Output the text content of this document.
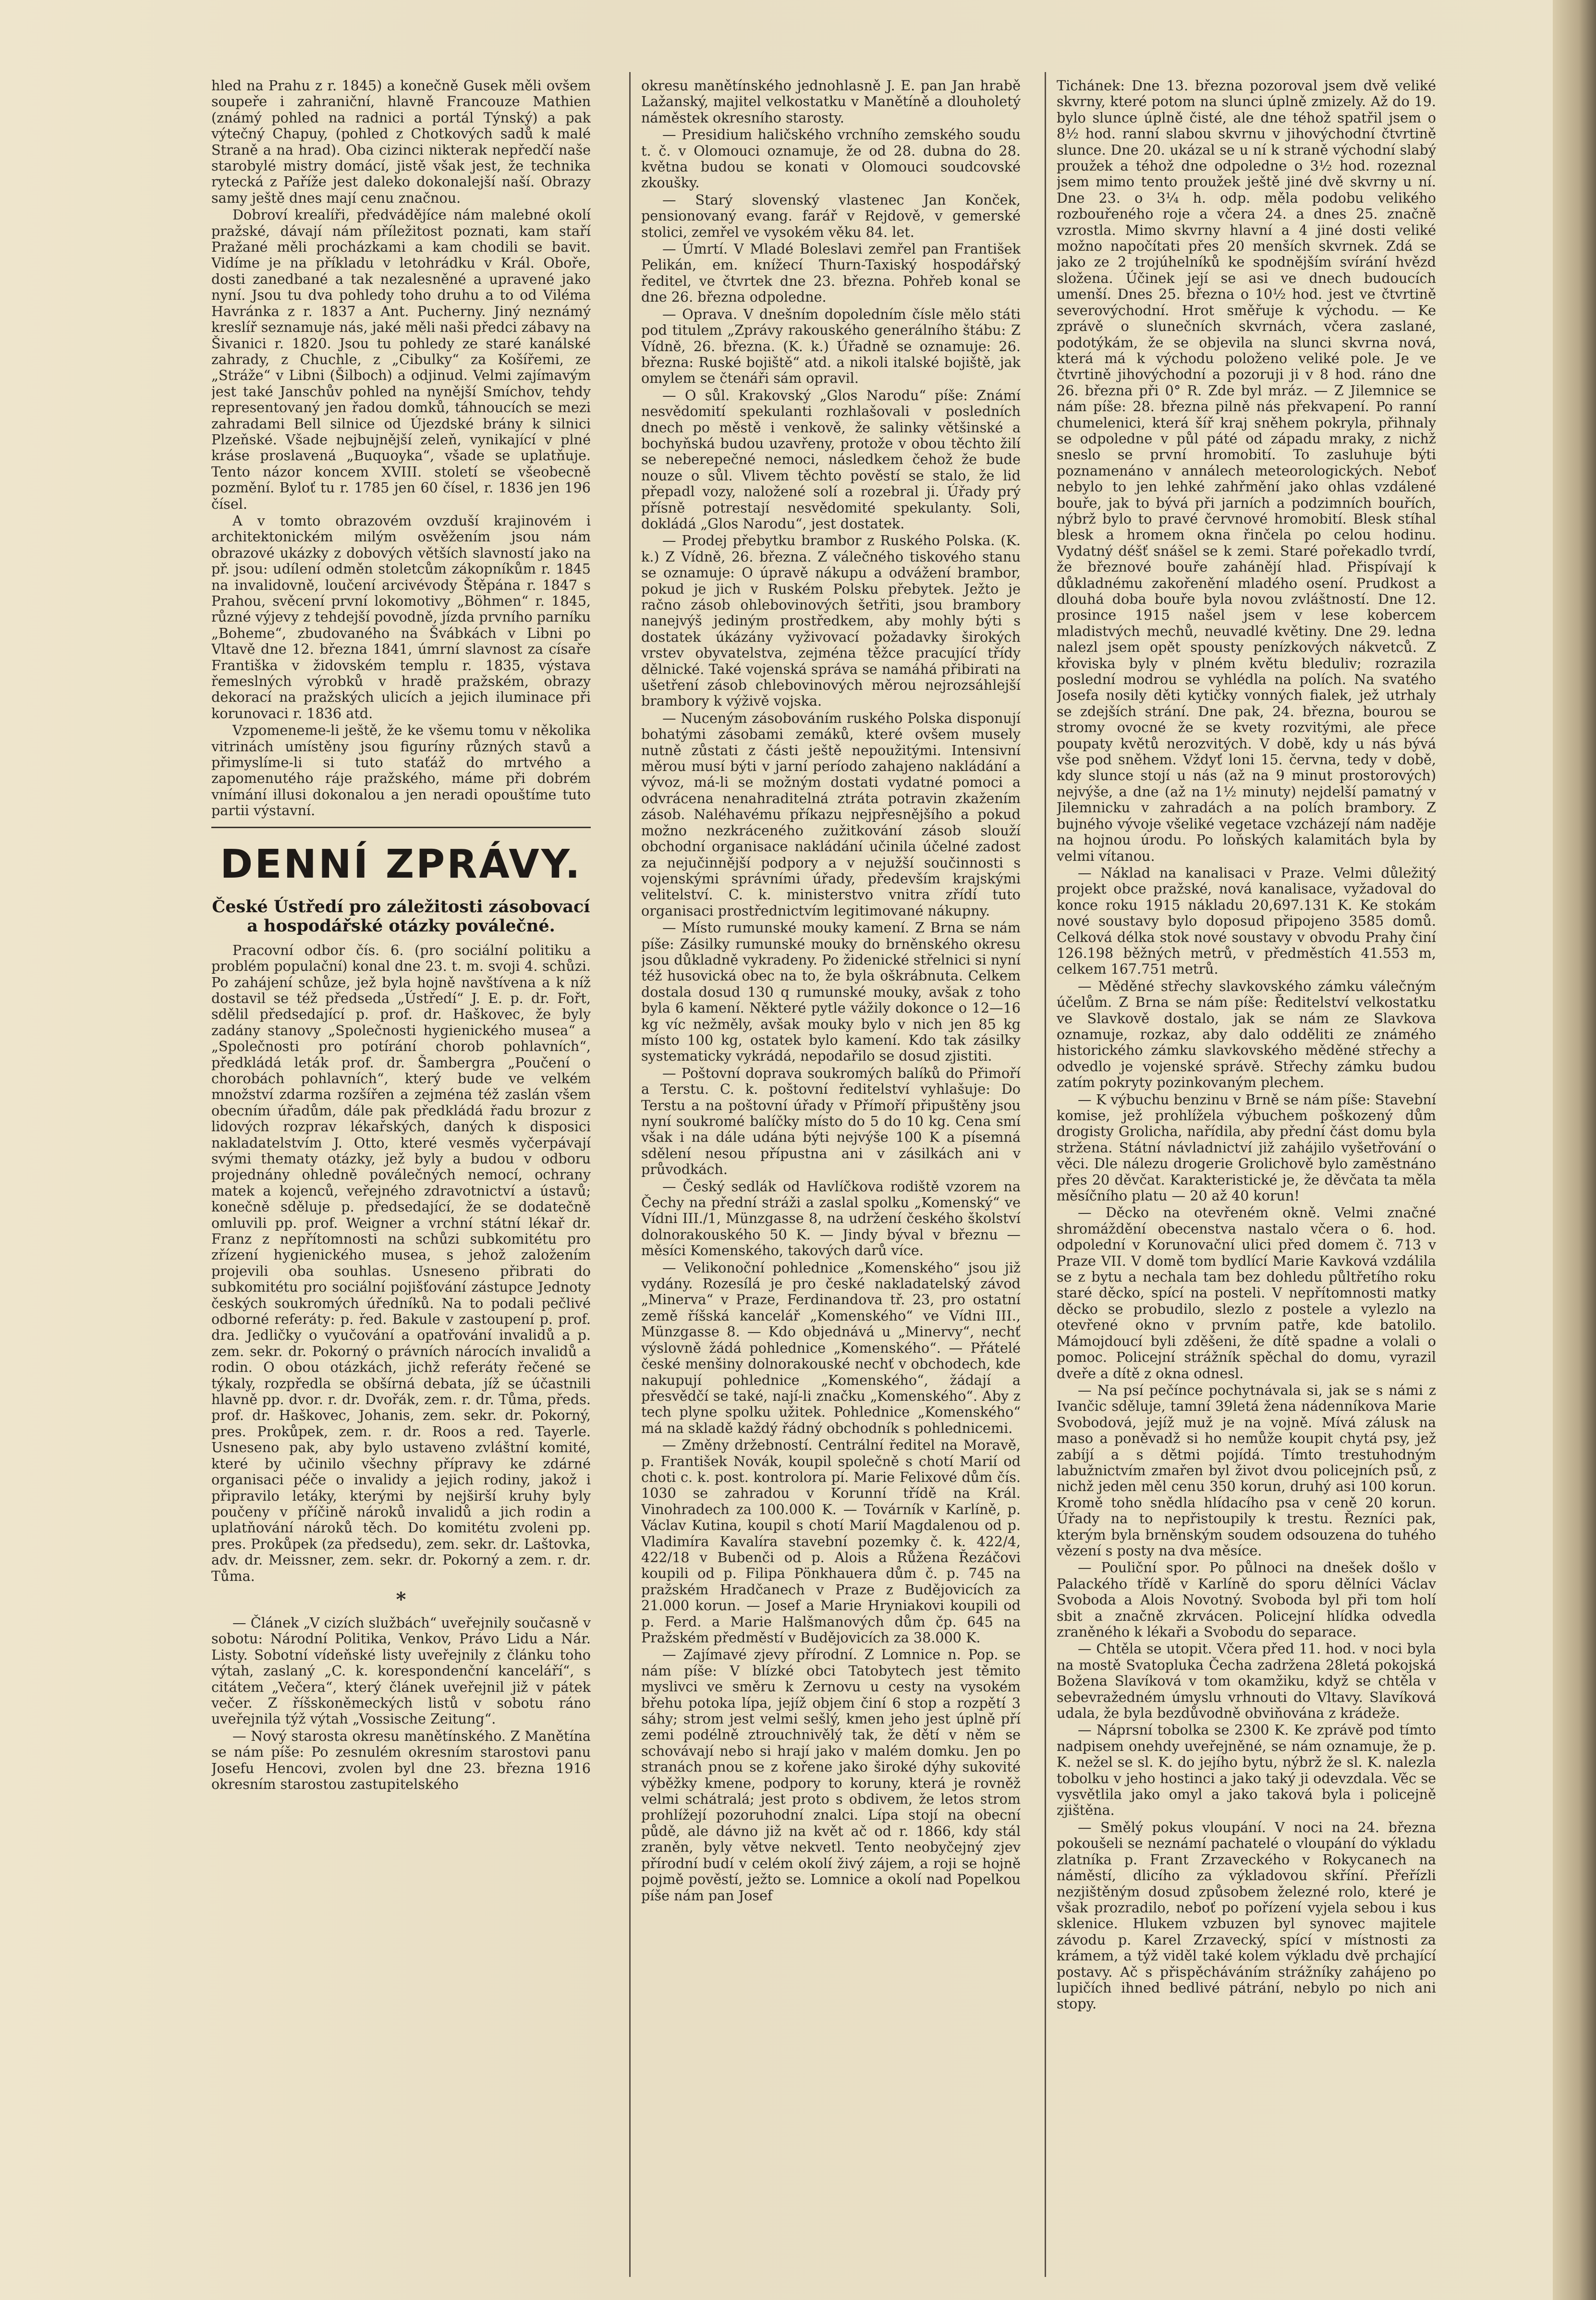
hled na Prahu z r. 1845) a konečně Gusek měli ovšem soupeře i zahraniční, hlavně Francouze Mathien (známý pohled na radnici a portál Týnský) a pak výtečný Chapuy, (pohled z Chotkových sadů k malé Straně a na hrad). Oba cizinci nikterak nepředčí naše starobylé mistry domácí, jistě však jest, že technika rytecká z Paříže jest daleko dokonalejší naší. Obrazy samy ještě dnes mají cenu značnou.

Dobroví krealíři, předvádějíce nám malebné okolí pražské, dávají nám příležitost poznati, kam staří Pražané měli procházkami a kam chodili se bavit. Vidíme je na příkladu v letohrádku v Král. Oboře, dosti zanedbané a tak nezalesněné a upravené jako nyní. Jsou tu dva pohledy toho druhu a to od Viléma Havránka z r. 1837 a Ant. Pucherny. Jiný neznámý kreslíř seznamuje nás, jaké měli naši předci zábavy na Šivanici r. 1820. Jsou tu pohledy ze staré kanálské zahrady, z Chuchle, z „Cibulky“ za Košířemi, ze „Stráže“ v Libni (Šilboch) a odjinud. Velmi zajímavým jest také Janschův pohled na nynější Smíchov, tehdy representovaný jen řadou domků, táhnoucích se mezi zahradami Bell silnice od Újezdské brány k silnici Plzeňské. Všade nejbujnější zeleň, vynikající v plné kráse proslavená „Buquoyka“, všade se uplatňuje. Tento názor koncem XVIII. století se všeobecně pozmění. Byloť tu r. 1785 jen 60 čísel, r. 1836 jen 196 čísel.

A v tomto obrazovém ovzduší krajinovém i architektonickém milým osvěžením jsou nám obrazové ukázky z dobových větších slavností jako na př. jsou: udílení odměn stoletcům zákopníkům r. 1845 na invalidovně, loučení arcivévody Štěpána r. 1847 s Prahou, svěcení první lokomotivy „Böhmen“ r. 1845, různé výjevy z tehdejší povodně, jízda prvního parníku „Boheme“, zbudovaného na Švábkách v Libni po Vltavě dne 12. března 1841, úmrní slavnost za císaře Františka v židovském templu r. 1835, výstava řemeslných výrobků v hradě pražském, obrazy dekorací na pražských ulicích a jejich iluminace při korunovaci r. 1836 atd.

Vzpomeneme-li ještě, že ke všemu tomu v několika vitrinách umístěny jsou figuríny různých stavů a přimyslíme-li si tuto staťáž do mrtvého a zapomenutého ráje pražského, máme při dobrém vnímání illusi dokonalou a jen neradi opouštíme tuto partii výstavní.

DENNÍ ZPRÁVY.
České Ústředí pro záležitosti zásobovací a hospodářské otázky poválečné.

Pracovní odbor čís. 6. (pro sociální politiku a problém populační) konal dne 23. t. m. svoji 4. schůzi. Po zahájení schůze, jež byla hojně navštívena a k níž dostavil se též předseda „Ústředí“ J. E. p. dr. Fořt, sdělil předsedající p. prof. dr. Haškovec, že byly zadány stanovy „Společnosti hygienického musea“ a „Společnosti pro potírání chorob pohlavních“, předkládá leták prof. dr. Šambergra „Poučení o chorobách pohlavních“, který bude ve velkém množství zdarma rozšířen a zejména též zaslán všem obecním úřadům, dále pak předkládá řadu brozur z lidových rozprav lékařských, daných k disposici nakladatelstvím J. Otto, které vesměs vyčerpávají svými thematy otázky, jež byly a budou v odboru projednány ohledně poválečných nemocí, ochrany matek a kojenců, veřejného zdravotnictví a ústavů; konečně sděluje p. předsedající, že se dodatečně omluvili pp. prof. Weigner a vrchní státní lékař dr. Franz z nepřítomnosti na schůzi subkomitétu pro zřízení hygienického musea, s jehož založením projevili oba souhlas. Usneseno přibrati do subkomitétu pro sociální pojišťování zástupce Jednoty českých soukromých úředníků. Na to podali pečlivé odborné referáty: p. řed. Bakule v zastoupení p. prof. dra. Jedličky o vyučování a opatřování invalidů a p. zem. sekr. dr. Pokorný o právních nárocích invalidů a rodin. O obou otázkách, jichž referáty řečené se týkaly, rozpředla se obšírná debata, jíž se účastnili hlavně pp. dvor. r. dr. Dvořák, zem. r. dr. Tůma, předs. prof. dr. Haškovec, Johanis, zem. sekr. dr. Pokorný, pres. Prokůpek, zem. r. dr. Roos a red. Tayerle. Usneseno pak, aby bylo ustaveno zvláštní komité, které by učinilo všechny přípravy ke zdárné organisaci péče o invalidy a jejich rodiny, jakož i připravilo letáky, kterými by nejširší kruhy byly poučeny v příčině nároků invalidů a jich rodin a uplatňování nároků těch. Do komitétu zvoleni pp. pres. Prokůpek (za předsedu), zem. sekr. dr. Laštovka, adv. dr. Meissner, zem. sekr. dr. Pokorný a zem. r. dr. Tůma.

*

— Článek „V cizích službách“ uveřejnily současně v sobotu: Národní Politika, Venkov, Právo Lidu a Nár. Listy. Sobotní vídeňské listy uveřejnily z článku toho výtah, zaslaný „C. k. korespondenční kanceláří“, s citátem „Večera“, který článek uveřejnil již v pátek večer. Z říšskoněmeckých listů v sobotu ráno uveřejnila týž výtah „Vossische Zeitung“.

— Nový starosta okresu manětínského. Z Manětína se nám píše: Po zesnulém okresním starostovi panu Josefu Hencovi, zvolen byl dne 23. března 1916 okresním starostou zastupitelského

okresu manětínského jednohlasně J. E. pan Jan hrabě Lažanský, majitel velkostatku v Manětíně a dlouholetý náměstek okresního starosty.

— Presidium haličského vrchního zemského soudu t. č. v Olomouci oznamuje, že od 28. dubna do 28. května budou se konati v Olomouci soudcovské zkoušky.

— Starý slovenský vlastenec Jan Konček, pensionovaný evang. farář v Rejdově, v gemerské stolici, zemřel ve vysokém věku 84. let.

— Úmrtí. V Mladé Boleslavi zemřel pan František Pelikán, em. knížecí Thurn-Taxiský hospodářský ředitel, ve čtvrtek dne 23. března. Pohřeb konal se dne 26. března odpoledne.

— Oprava. V dnešním dopoledním čísle mělo státi pod titulem „Zprávy rakouského generálního štábu: Z Vídně, 26. března. (K. k.) Úřadně se oznamuje: 26. března: Ruské bojiště“ atd. a nikoli italské bojiště, jak omylem se čtenáři sám opravil.

— O sůl. Krakovský „Glos Narodu“ píše: Známí nesvědomití spekulanti rozhlašovali v posledních dnech po městě i venkově, že salinky většinské a bochyňská budou uzavřeny, protože v obou těchto žilí se neberepečné nemoci, následkem čehož že bude nouze o sůl. Vlivem těchto pověstí se stalo, že lid přepadl vozy, naložené solí a rozebral ji. Úřady prý přísně potrestají nesvědomité spekulanty. Soli, dokládá „Glos Narodu“, jest dostatek.

— Prodej přebytku brambor z Ruského Polska. (K. k.) Z Vídně, 26. března. Z válečného tiskového stanu se oznamuje: O úpravě nákupu a odvážení brambor, pokud je jich v Ruském Polsku přebytek. Ježto je račno zásob ohlebovinových šetřiti, jsou brambory nanejvýš jediným prostředkem, aby mohly býti s dostatek úkázány vyživovací požadavky širokých vrstev obyvatelstva, zejména těžce pracující třídy dělnické. Také vojenská správa se namáhá přibirati na ušetření zásob chlebovinových měrou nejrozsáhlejší brambory k výživě vojska.

— Nuceným zásobováním ruského Polska disponují bohatými zásobami zemáků, které ovšem musely nutně zůstati z části ještě nepoužitými. Intensivní měrou musí býti v jarní período zahajeno nakládání a vývoz, má-li se možným dostati vydatné pomoci a odvrácena nenahraditelná ztráta potravin zkažením zásob. Naléhavému příkazu nejpřesnějšího a pokud možno nezkráceného zužitkování zásob slouží obchodní organisace nakládání učinila účelné zadost za nejučinnější podpory a v nejužší součinnosti s vojenskými správními úřady, především krajskými velitelství. C. k. ministerstvo vnitra zřídí tuto organisaci prostřednictvím legitimované nákupny.

— Místo rumunské mouky kamení. Z Brna se nám píše: Zásilky rumunské mouky do brněnského okresu jsou důkladně vykradeny. Po židenické střelnici si nyní též husovická obec na to, že byla oškrábnuta. Celkem dostala dosud 130 q rumunské mouky, avšak z toho byla 6 kamení. Některé pytle vážily dokonce o 12—16 kg víc nežměly, avšak mouky bylo v nich jen 85 kg místo 100 kg, ostatek bylo kamení. Kdo tak zásilky systematicky vykrádá, nepodařilo se dosud zjistiti.

— Poštovní doprava soukromých balíků do Přimoří a Terstu. C. k. poštovní ředitelství vyhlašuje: Do Terstu a na poštovní úřady v Přímoří připuštěny jsou nyní soukromé balíčky místo do 5 do 10 kg. Cena smí však i na dále udána býti nejvýše 100 K a písemná sdělení nesou přípustna ani v zásilkách ani v průvodkách.

— Český sedlák od Havlíčkova rodiště vzorem na Čechy na přední stráži a zaslal spolku „Komenský“ ve Vídni III./1, Münzgasse 8, na udržení českého školství dolnorakouského 50 K. — Jindy býval v březnu — měsíci Komenského, takových darů více.

— Velikonoční pohlednice „Komenského“ jsou již vydány. Rozesílá je pro české nakladatelský závod „Minerva“ v Praze, Ferdinandova tř. 23, pro ostatní země říšská kancelář „Komenského“ ve Vídni III., Münzgasse 8. — Kdo objednává u „Minervy“, nechť výslovně žádá pohlednice „Komenského“. — Přátelé české menšiny dolnorakouské nechť v obchodech, kde nakupují pohlednice „Komenského“, žádají a přesvědčí se také, nají-li značku „Komenského“. Aby z tech plyne spolku užitek. Pohlednice „Komenského“ má na skladě každý řádný obchodník s pohlednicemi.

— Změny držebností. Centrální ředitel na Moravě, p. František Novák, koupil společně s chotí Marií od choti c. k. post. kontrolora pí. Marie Felixové dům čís. 1030 se zahradou v Korunní třídě na Král. Vinohradech za 100.000 K. — Továrník v Karlíně, p. Václav Kutina, koupil s chotí Marií Magdalenou od p. Vladimíra Kavalíra stavební pozemky č. k. 422/4, 422/18 v Bubenči od p. Alois a Růžena Řezáčovi koupili od p. Filipa Pönkhauera dům č. p. 745 na pražském Hradčanech v Praze z Budějovicích za 21.000 korun. — Josef a Marie Hryniakovi koupili od p. Ferd. a Marie Halšmanových dům čp. 645 na Pražském předměstí v Budějovicích za 38.000 K.

— Zajímavé zjevy přírodní. Z Lomnice n. Pop. se nám píše: V blízké obci Tatobytech jest těmito myslivci ve směru k Zernovu u cesty na vysokém břehu potoka lípa, jejíž objem činí 6 stop a rozpětí 3 sáhy; strom jest velmi sešlý, kmen jeho jest úplně pří zemi podélně ztrouchnivělý tak, že dětí v něm se schovávají nebo si hrají jako v malém domku. Jen po stranách pnou se z kořene jako široké dýhy sukovité výběžky kmene, podpory to koruny, která je rovněž velmi schátralá; jest proto s obdivem, že letos strom prohlížejí pozoruhodní znalci. Lípa stojí na obecní půdě, ale dávno již na květ ač od r. 1866, kdy stál zraněn, byly větve nekvetl. Tento neobyčejný zjev přírodní budí v celém okolí živý zájem, a roji se hojně pojmě pověstí, ježto se. Lomnice a okolí nad Popelkou píše nám pan Josef

Tichánek: Dne 13. března pozoroval jsem dvě veliké skvrny, které potom na slunci úplně zmizely. Až do 19. bylo slunce úplně čisté, ale dne téhož spatřil jsem o 8½ hod. ranní slabou skvrnu v jihovýchodní čtvrtině slunce. Dne 20. ukázal se u ní k straně východní slabý proužek a téhož dne odpoledne o 3½ hod. rozeznal jsem mimo tento proužek ještě jiné dvě skvrny u ní. Dne 23. o 3¼ h. odp. měla podobu velikého rozbouřeného roje a včera 24. a dnes 25. značně vzrostla. Mimo skvrny hlavní a 4 jiné dosti veliké možno napočítati přes 20 menších skvrnek. Zdá se jako ze 2 trojúhelníků ke spodnějším svírání hvězd složena. Účinek její se asi ve dnech budoucích umenší. Dnes 25. března o 10½ hod. jest ve čtvrtině severovýchodní. Hrot směřuje k východu. — Ke zprávě o slunečních skvrnách, včera zaslané, podotýkám, že se objevila na slunci skvrna nová, která má k východu položeno veliké pole. Je ve čtvrtině jihovýchodní a pozoruji ji v 8 hod. ráno dne 26. března při 0° R. Zde byl mráz. — Z Jilemnice se nám píše: 28. března pilně nás překvapení. Po ranní chumelenici, která šíř kraj sněhem pokryla, přihnaly se odpoledne v půl páté od západu mraky, z nichž sneslo se první hromobití. To zasluhuje býti poznamenáno v annálech meteorologických. Neboť nebylo to jen lehké zahřmění jako ohlas vzdálené bouře, jak to bývá při jarních a podzimních bouřích, nýbrž bylo to pravé červnové hromobití. Blesk stíhal blesk a hromem okna řinčela po celou hodinu. Vydatný déšť snášel se k zemi. Staré pořekadlo tvrdí, že březnové bouře zahánějí hlad. Přispívají k důkladnému zakořenění mladého osení. Prudkost a dlouhá doba bouře byla novou zvláštností. Dne 12. prosince 1915 našel jsem v lese kobercem mladistvých mechů, neuvadlé květiny. Dne 29. ledna nalezl jsem opět spousty penízkových nákvetců. Z křoviska byly v plném květu bleduliv; rozrazila poslední modrou se vyhlédla na polích. Na svatého Josefa nosily děti kytičky vonných fialek, jež utrhaly se zdejších strání. Dne pak, 24. března, bourou se stromy ovocné že se kvety rozvitými, ale přece poupaty květů nerozvitých. V době, kdy u nás bývá vše pod sněhem. Vždyť loni 15. června, tedy v době, kdy slunce stojí u nás (až na 9 minut prostorových) nejvýše, a dne (až na 1½ minuty) nejdelší pamatný v Jilemnicku v zahradách a na polích brambory. Z bujného vývoje všeliké vegetace vzcházejí nám naděje na hojnou úrodu. Po loňských kalamitách byla by velmi vítanou.

— Náklad na kanalisaci v Praze. Velmi důležitý projekt obce pražské, nová kanalisace, vyžadoval do konce roku 1915 nákladu 20,697.131 K. Ke stokám nové soustavy bylo doposud připojeno 3585 domů. Celková délka stok nové soustavy v obvodu Prahy činí 126.198 běžných metrů, v předměstích 41.553 m, celkem 167.751 metrů.

— Měděné střechy slavkovského zámku válečným účelům. Z Brna se nám píše: Ředitelství velkostatku ve Slavkově dostalo, jak se nám ze Slavkova oznamuje, rozkaz, aby dalo odděliti ze známého historického zámku slavkovského měděné střechy a odvedlo je vojenské správě. Střechy zámku budou zatím pokryty pozinkovaným plechem.

— K výbuchu benzinu v Brně se nám píše: Stavební komise, jež prohlížela výbuchem poškozený dům drogisty Grolicha, nařídila, aby přední část domu byla stržena. Státní návladnictví již zahájilo vyšetřování o věci. Dle nálezu drogerie Grolichově bylo zaměstnáno přes 20 děvčat. Karakteristické je, že děvčata ta měla měsíčního platu — 20 až 40 korun!

— Děcko na otevřeném okně. Velmi značné shromáždění obecenstva nastalo včera o 6. hod. odpolední v Korunovační ulici před domem č. 713 v Praze VII. V domě tom bydlící Marie Kavková vzdálila se z bytu a nechala tam bez dohledu půltřetího roku staré děcko, spící na posteli. V nepřítomnosti matky děcko se probudilo, slezlo z postele a vylezlo na otevřené okno v prvním patře, kde batolilo. Mámojdoucí byli zděšeni, že dítě spadne a volali o pomoc. Policejní strážník spěchal do domu, vyrazil dveře a dítě z okna odnesl.

— Na psí pečínce pochytnávala si, jak se s námi z Ivančic sděluje, tamní 39letá žena nádenníkova Marie Svobodová, jejíž muž je na vojně. Mívá zálusk na maso a poněvadž si ho nemůže koupit chytá psy, jež zabíjí a s dětmi pojídá. Tímto trestuhodným labužnictvím zmařen byl život dvou policejních psů, z nichž jeden měl cenu 350 korun, druhý asi 100 korun. Kromě toho snědla hlídacího psa v ceně 20 korun. Úřady na to nepřistoupily k trestu. Řezníci pak, kterým byla brněnským soudem odsouzena do tuhého vězení s posty na dva měsíce.

— Pouliční spor. Po půlnoci na dnešek došlo v Palackého třídě v Karlíně do sporu dělníci Václav Svoboda a Alois Novotný. Svoboda byl při tom holí sbit a značně zkrvácen. Policejní hlídka odvedla zraněného k lékaři a Svobodu do separace.

— Chtěla se utopit. Včera před 11. hod. v noci byla na mostě Svatopluka Čecha zadržena 28letá pokojská Božena Slavíková v tom okamžiku, když se chtěla v sebevražedném úmyslu vrhnouti do Vltavy. Slavíková udala, že byla bezdůvodně obviňována z krádeže.

— Náprsní tobolka se 2300 K. Ke zprávě pod tímto nadpisem onehdy uveřejněné, se nám oznamuje, že p. K. nežel se sl. K. do jejího bytu, nýbrž že sl. K. nalezla tobolku v jeho hostinci a jako taký ji odevzdala. Věc se vysvětlila jako omyl a jako taková byla i policejně zjištěna.

— Smělý pokus vloupání. V noci na 24. března pokoušeli se neznámí pachatelé o vloupání do výkladu zlatníka p. Frant Zrzaveckého v Rokycanech na náměstí, dlicího za výkladovou skříní. Přeřízli nezjištěným dosud způsobem železné rolo, které je však prozradilo, neboť po pořízení vyjela sebou i kus sklenice. Hlukem vzbuzen byl synovec majitele závodu p. Karel Zrzavecký, spící v místnosti za krámem, a týž viděl také kolem výkladu dvě prchající postavy. Ač s přispěcháváním strážníky zahájeno po lupičích ihned bedlivé pátrání, nebylo po nich ani stopy.
